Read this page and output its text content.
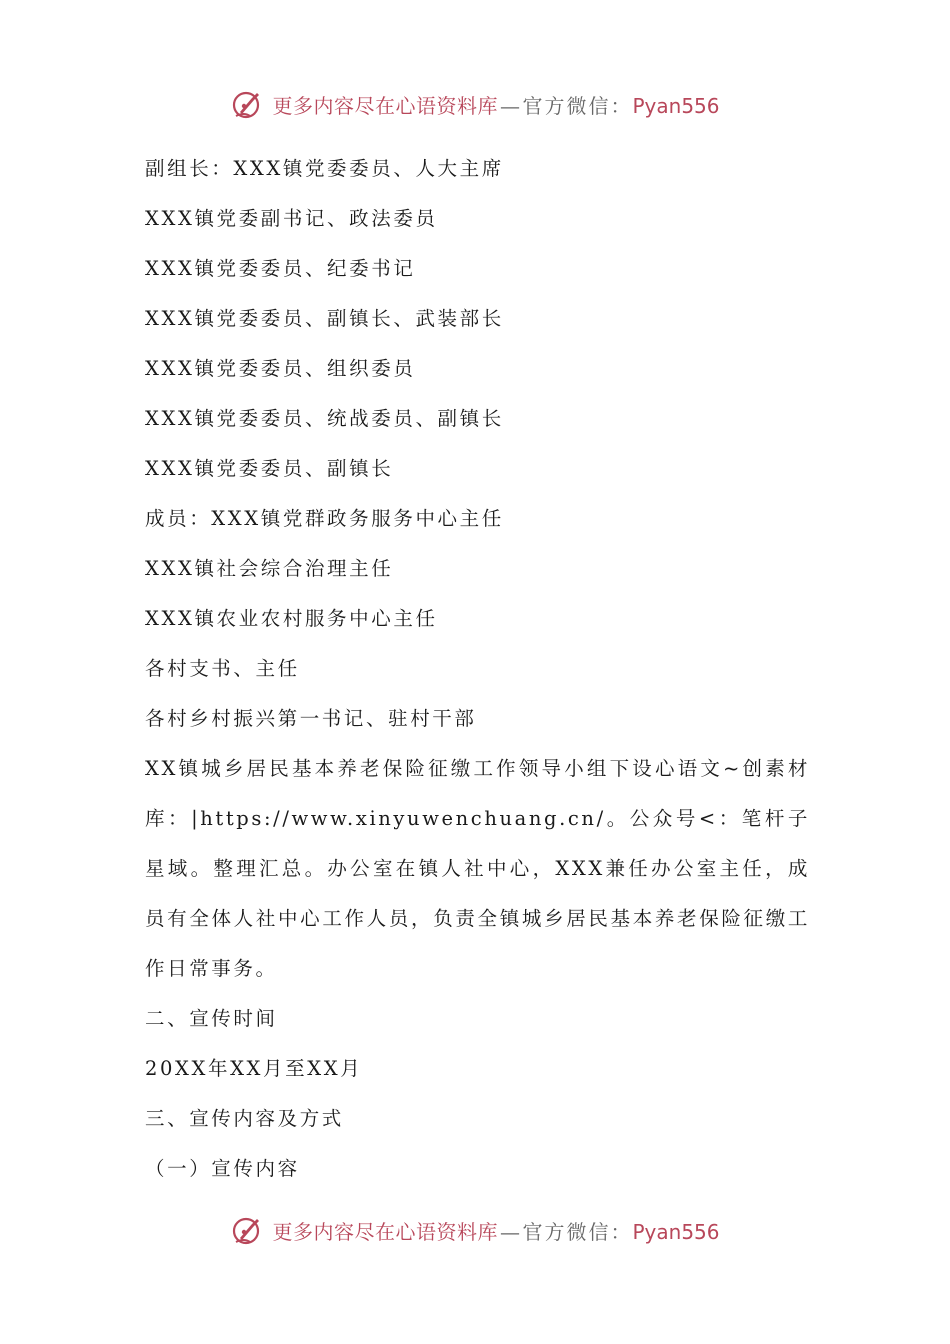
更多内容尽在心语资料库 — 官方微信：Pyan556
副组长：XXX镇党委委员、人大主席
XXX镇党委副书记、政法委员
XXX镇党委委员、纪委书记
XXX镇党委委员、副镇长、武装部长
XXX镇党委委员、组织委员
XXX镇党委委员、统战委员、副镇长
XXX镇党委委员、副镇长
成员：XXX镇党群政务服务中心主任
XXX镇社会综合治理主任
XXX镇农业农村服务中心主任
各村支书、主任
各村乡村振兴第一书记、驻村干部
XX镇城乡居民基本养老保险征缴工作领导小组下设心语文~创素材库：|https://www.xinyuwenchuang.cn/。公众号<：笔杆子星域。整理汇总。办公室在镇人社中心，XXX兼任办公室主任，成员有全体人社中心工作人员，负责全镇城乡居民基本养老保险征缴工作日常事务。
二、宣传时间
20XX年XX月至XX月
三、宣传内容及方式
（一）宣传内容
更多内容尽在心语资料库 — 官方微信：Pyan556
